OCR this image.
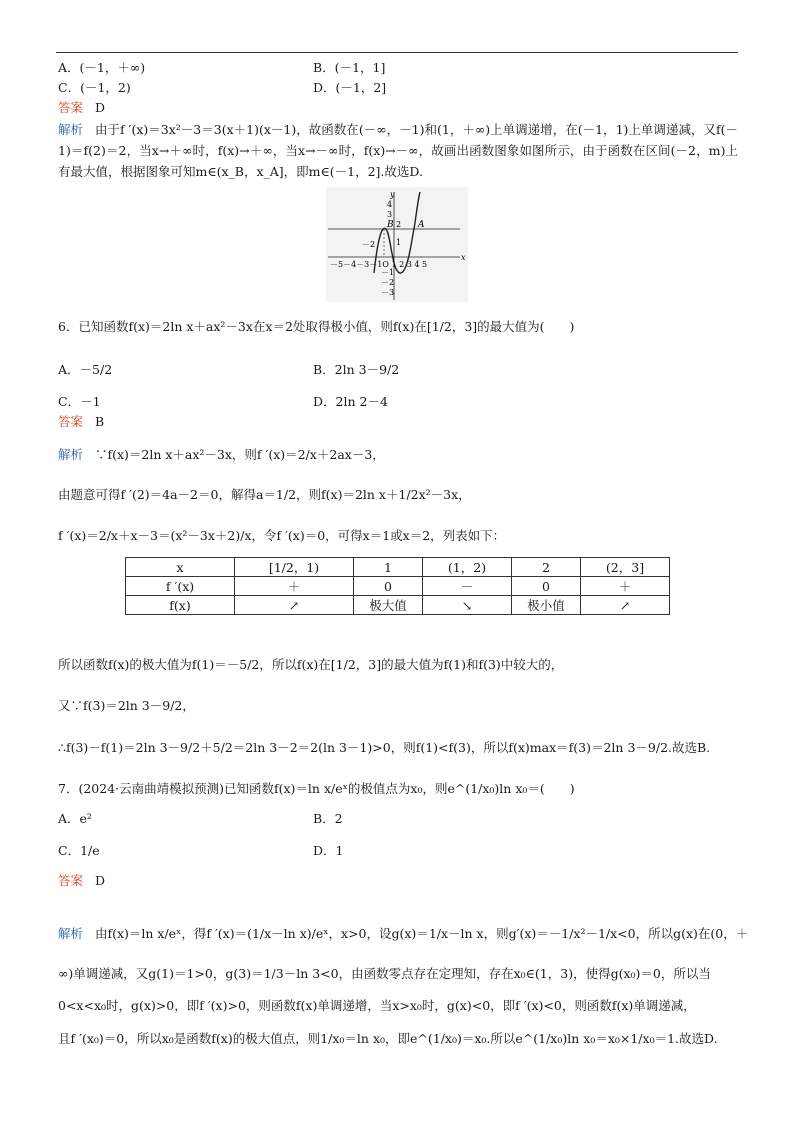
A．(－1，＋∞)	B．(－1，1]
C．(－1，2)	D．(－1，2]
答案 D
解析 由于f ′(x)＝3x²－3＝3(x＋1)(x－1)，故函数在(－∞，－1)和(1，＋∞)上单调递增，在(－1，1)上单调递减，又f(－1)＝f(2)＝2，当x→＋∞时，f(x)→＋∞，当x→－∞时，f(x)→－∞，故画出函数图象如图所示，由于函数在区间(－2，m)上有最大值，根据图象可知m∈(x_B，x_A]，即m∈(－1，2].故选D.
B	A
2
4
3
1
－2
y
x
－5－4－3－1O 1 2 3 4 5
－1
－2
－3
6．已知函数f(x)＝2ln x＋ax²－3x在x＝2处取得极小值，则f(x)在[1/2，3]的最大值为(　　)
A．－5/2	B．2ln 3－9/2
C．－1	D．2ln 2－4
答案 B
解析 ∵f(x)＝2ln x＋ax²－3x，则f ′(x)＝2/x＋2ax－3，
由题意可得f ′(2)＝4a－2＝0，解得a＝1/2，则f(x)＝2ln x＋1/2x²－3x，
f ′(x)＝2/x＋x－3＝(x²－3x＋2)/x，令f ′(x)＝0，可得x＝1或x＝2，列表如下：
x	[1/2，1)	1	(1，2)	2	(2，3]
f ′(x)	＋	0	－	0	＋
f(x)	↗	极大值	↘	极小值	↗
所以函数f(x)的极大值为f(1)＝－5/2，所以f(x)在[1/2，3]的最大值为f(1)和f(3)中较大的，
又∵f(3)＝2ln 3－9/2，
∴f(3)－f(1)＝2ln 3－9/2＋5/2＝2ln 3－2＝2(ln 3－1)>0，则f(1)<f(3)，所以f(x)max＝f(3)＝2ln 3－9/2.故选B.
7．(2024·云南曲靖模拟预测)已知函数f(x)＝ln x/eˣ的极值点为x₀，则e^(1/x₀)ln x₀＝(　　)
A．e²	B．2
C．1/e	D．1
答案 D
解析 由f(x)＝ln x/eˣ，得f ′(x)＝(1/x－ln x)/eˣ，x>0，设g(x)＝1/x－ln x，则g′(x)＝－1/x²－1/x<0，所以g(x)在(0，＋
∞)单调递减，又g(1)＝1>0，g(3)＝1/3－ln 3<0，由函数零点存在定理知，存在x₀∈(1，3)，使得g(x₀)＝0，所以当
0<x<x₀时，g(x)>0，即f ′(x)>0，则函数f(x)单调递增，当x>x₀时，g(x)<0，即f ′(x)<0，则函数f(x)单调递减，
且f ′(x₀)＝0，所以x₀是函数f(x)的极大值点，则1/x₀＝ln x₀，即e^(1/x₀)＝x₀.所以e^(1/x₀)ln x₀＝x₀×1/x₀＝1.故选D.
